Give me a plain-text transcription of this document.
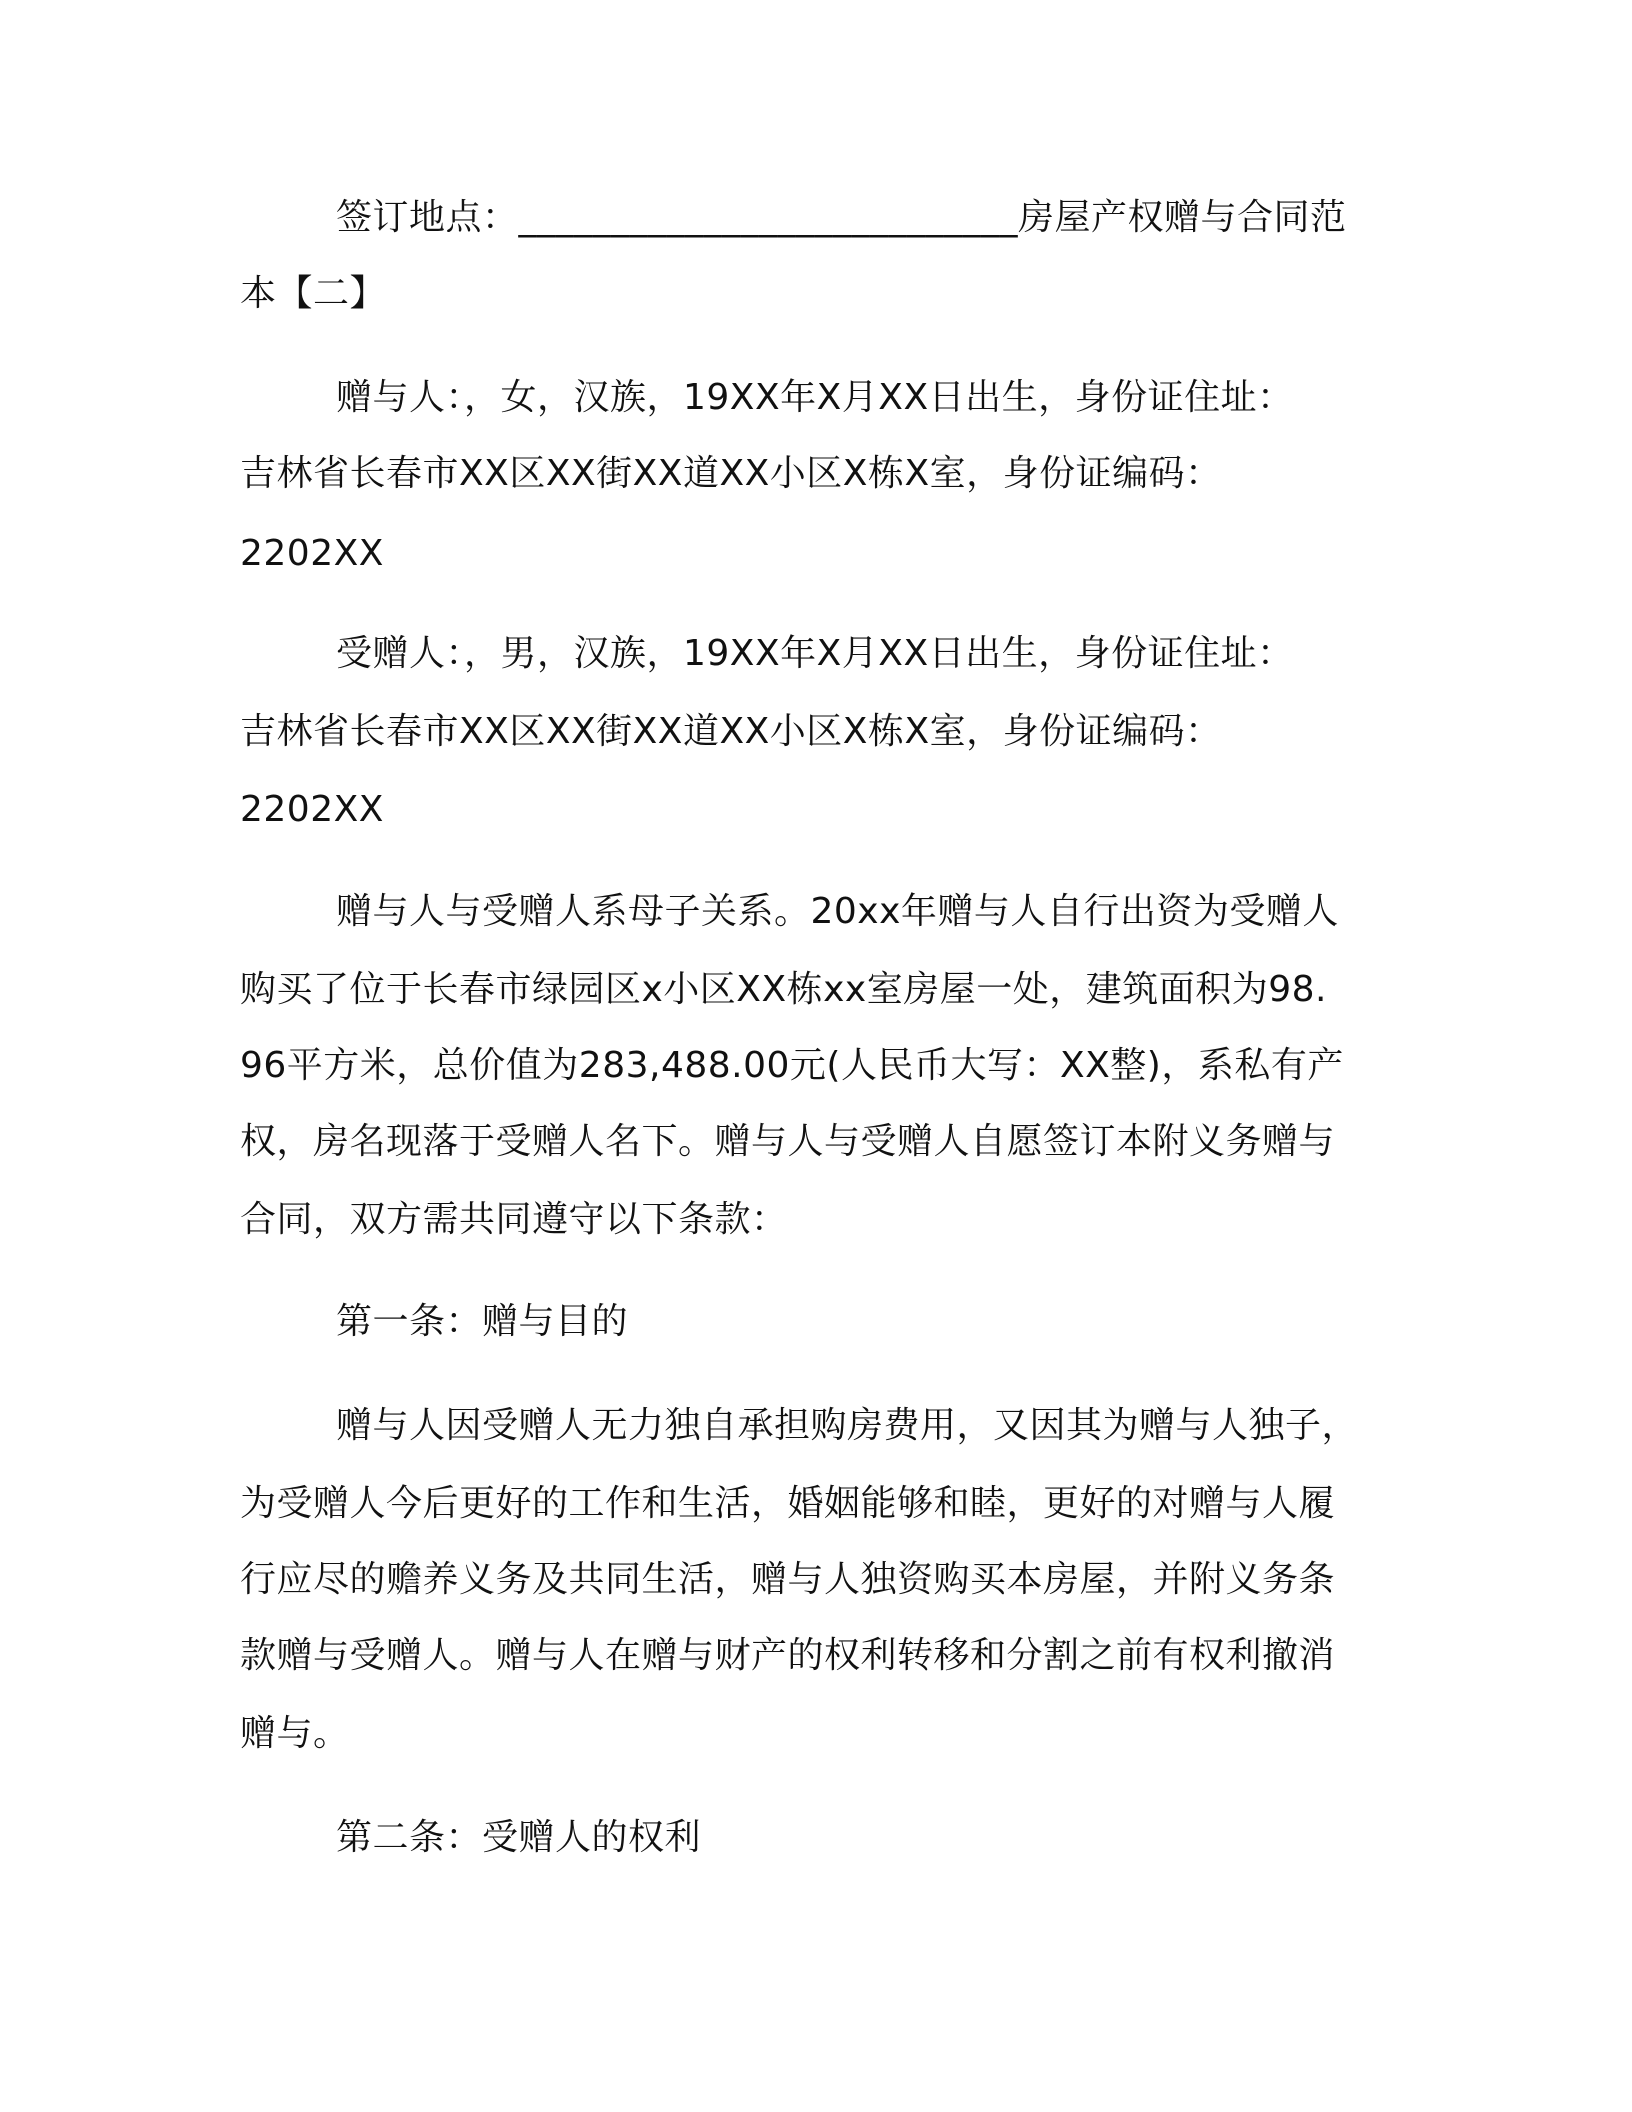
签订地点：___________________________房屋产权赠与合同范
本【二】
赠与人：，女，汉族，19XX年X月XX日出生，身份证住址：
吉林省长春市XX区XX街XX道XX小区X栋X室，身份证编码：
2202XX
受赠人：，男，汉族，19XX年X月XX日出生，身份证住址：
吉林省长春市XX区XX街XX道XX小区X栋X室，身份证编码：
2202XX
赠与人与受赠人系母子关系。20xx年赠与人自行出资为受赠人
购买了位于长春市绿园区x小区XX栋xx室房屋一处，建筑面积为98.
96平方米，总价值为283,488.00元(人民币大写：XX整)，系私有产
权，房名现落于受赠人名下。赠与人与受赠人自愿签订本附义务赠与
合同，双方需共同遵守以下条款：
第一条：赠与目的
赠与人因受赠人无力独自承担购房费用，又因其为赠与人独子，
为受赠人今后更好的工作和生活，婚姻能够和睦，更好的对赠与人履
行应尽的赡养义务及共同生活，赠与人独资购买本房屋，并附义务条
款赠与受赠人。赠与人在赠与财产的权利转移和分割之前有权利撤消
赠与。
第二条：受赠人的权利
